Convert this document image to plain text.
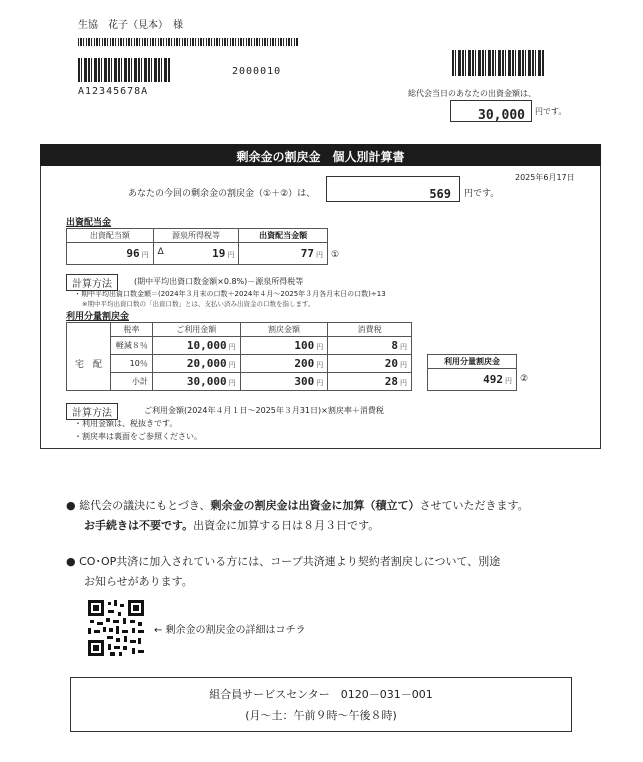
生協　花子（見本）　様
A12345678A
2000010
総代会当日のあなたの出資金額は、
30,000	円です。
剰余金の割戻金　個人別計算書
2025年6月17日
あなたの今回の剰余金の割戻金（①＋②）は、	569	円です。
出資配当金
出資配当額	源泉所得税等	出資配当金額
96 円	Δ 19 円	77 円 ①
計算方法	(期中平均出資口数金額×0.8%)－源泉所得税等
・期中平均出資口数金額＝(2024年３月末の口数＋2024年４月～2025年３月各月末日の口数)÷13
※期中平均出資口数の「出資口数」とは、支払い済み出資金の口数を指します。
利用分量割戻金
	税率	ご利用金額	割戻金額	消費税
宅　配	軽減８％	10,000 円	100 円	8 円
	10％	20,000 円	200 円	20 円
	小計	30,000 円	300 円	28 円
利用分量割戻金
492 円 ②
計算方法	ご利用金額(2024年４月１日～2025年３月31日)×割戻率＋消費税
・利用金額は、税抜きです。
・割戻率は裏面をご参照ください。
● 総代会の議決にもとづき、剰余金の割戻金は出資金に加算（積立て）させていただきます。
お手続きは不要です。出資金に加算する日は８月３日です。
● CO･OP共済に加入されている方には、コープ共済連より契約者割戻しについて、別途
お知らせがあります。
← 剰余金の割戻金の詳細はコチラ
組合員サービスセンター　0120－031－001
(月～土：午前９時～午後８時)
